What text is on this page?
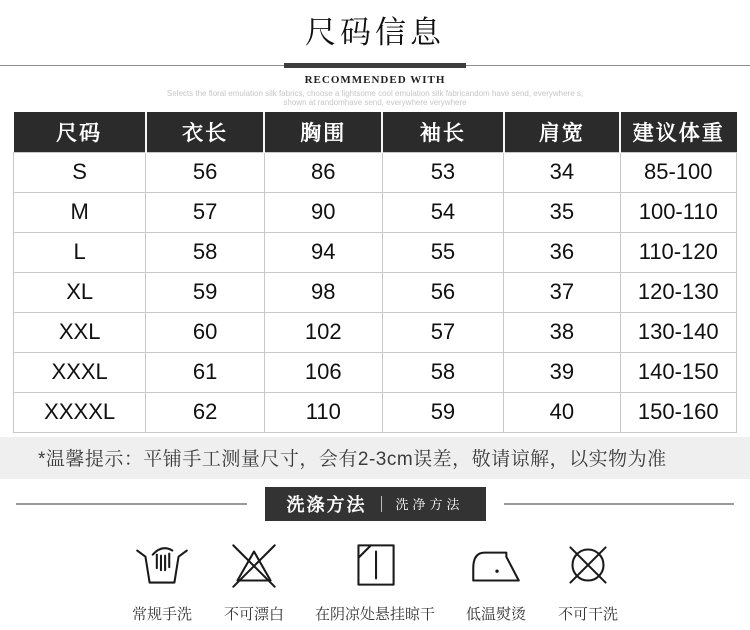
尺码信息
RECOMMENDED WITH
Selects the floral emulation silk fabrics, choose a lightsome cool emulation silk fabricandom have send, everywhere s,
shown at randomhave send, everywhere verywhere
尺码	衣长	胸围	袖长	肩宽	建议体重
S	56	86	53	34	85-100
M	57	90	54	35	100-110
L	58	94	55	36	110-120
XL	59	98	56	37	120-130
XXL	60	102	57	38	130-140
XXXL	61	106	58	39	140-150
XXXXL	62	110	59	40	150-160
*温馨提示：平铺手工测量尺寸，会有2-3cm误差，敬请谅解，以实物为准
洗涤方法 洗净方法
常规手洗 不可漂白 在阴凉处悬挂晾干 低温熨烫 不可干洗
